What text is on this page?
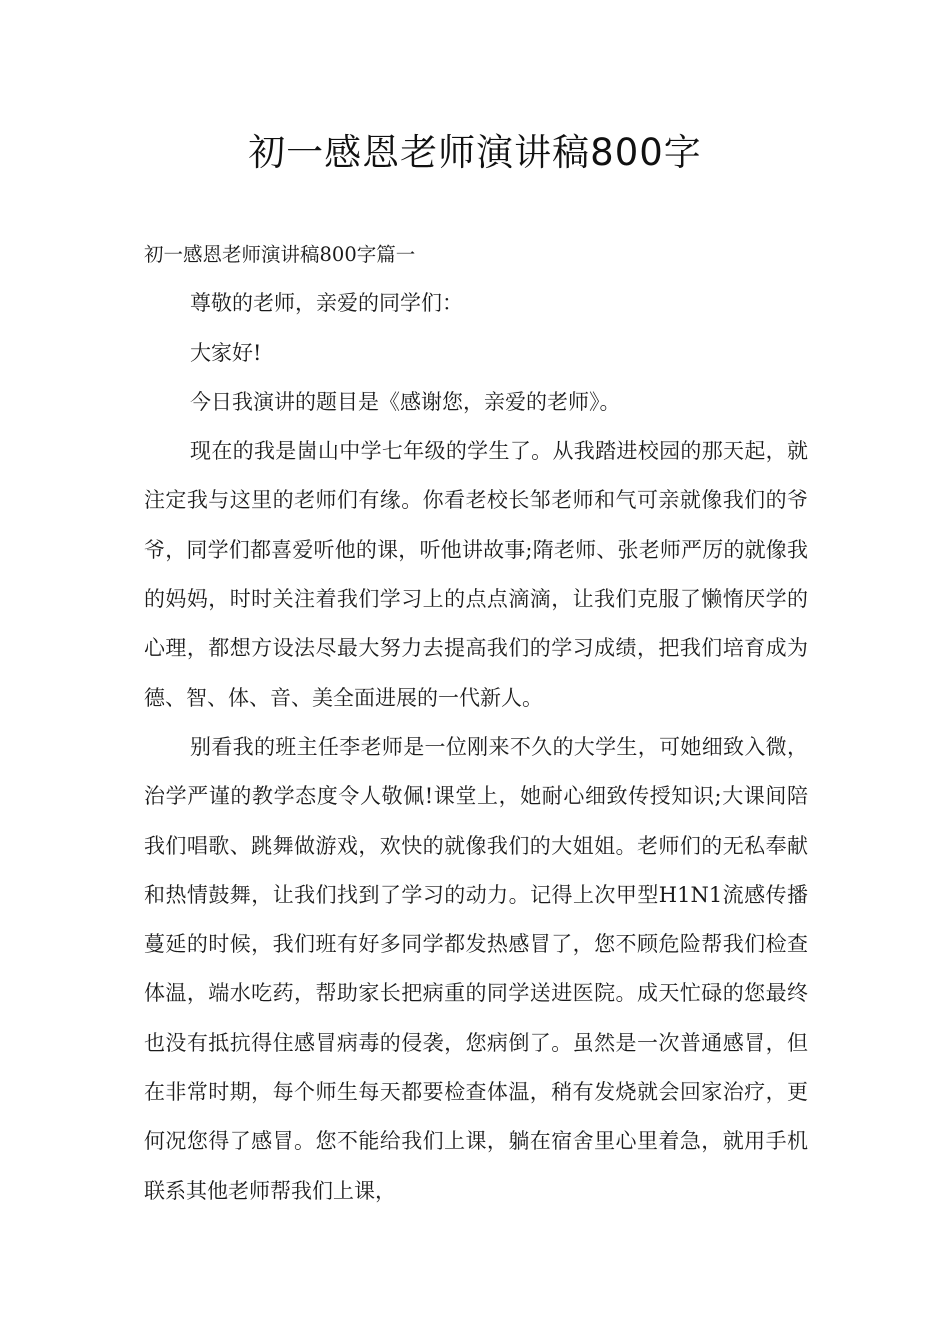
初一感恩老师演讲稿800字

初一感恩老师演讲稿800字篇一

尊敬的老师，亲爱的同学们：

大家好!

今日我演讲的题目是《感谢您，亲爱的老师》。

现在的我是崮山中学七年级的学生了。从我踏进校园的那天起，就注定我与这里的老师们有缘。你看老校长邹老师和气可亲就像我们的爷爷，同学们都喜爱听他的课，听他讲故事;隋老师、张老师严厉的就像我的妈妈，时时关注着我们学习上的点点滴滴，让我们克服了懒惰厌学的心理，都想方设法尽最大努力去提高我们的学习成绩，把我们培育成为德、智、体、音、美全面进展的一代新人。

别看我的班主任李老师是一位刚来不久的大学生，可她细致入微，治学严谨的教学态度令人敬佩!课堂上，她耐心细致传授知识;大课间陪我们唱歌、跳舞做游戏，欢快的就像我们的大姐姐。老师们的无私奉献和热情鼓舞，让我们找到了学习的动力。记得上次甲型H1N1流感传播蔓延的时候，我们班有好多同学都发热感冒了，您不顾危险帮我们检查体温，端水吃药，帮助家长把病重的同学送进医院。成天忙碌的您最终也没有抵抗得住感冒病毒的侵袭，您病倒了。虽然是一次普通感冒，但在非常时期，每个师生每天都要检查体温，稍有发烧就会回家治疗，更何况您得了感冒。您不能给我们上课，躺在宿舍里心里着急，就用手机联系其他老师帮我们上课，
